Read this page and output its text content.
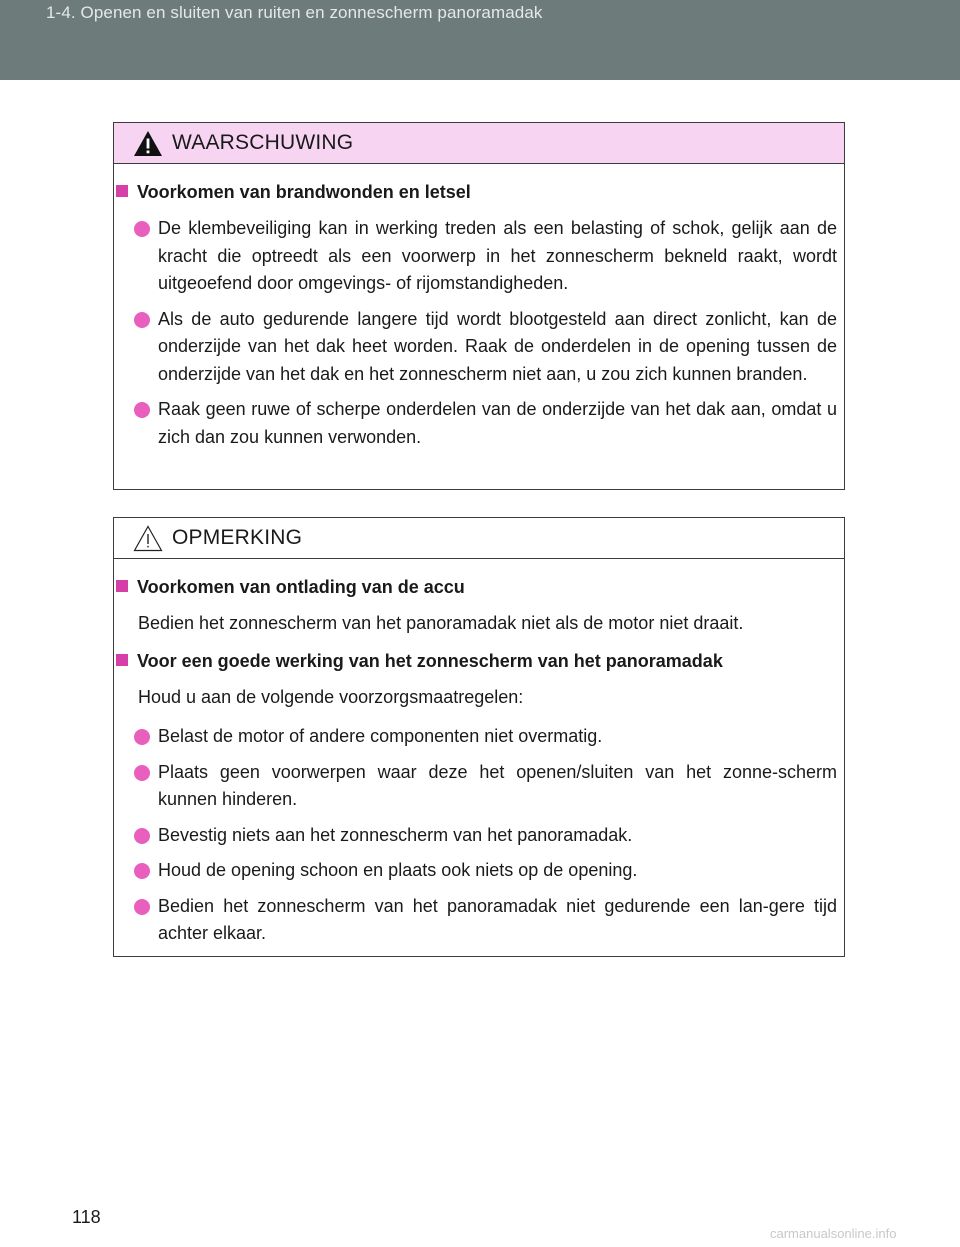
1-4. Openen en sluiten van ruiten en zonnescherm panoramadak
WAARSCHUWING
Voorkomen van brandwonden en letsel
De klembeveiliging kan in werking treden als een belasting of schok, gelijk aan de kracht die optreedt als een voorwerp in het zonnescherm bekneld raakt, wordt uitgeoefend door omgevings- of rijomstandigheden.
Als de auto gedurende langere tijd wordt blootgesteld aan direct zonlicht, kan de onderzijde van het dak heet worden. Raak de onderdelen in de opening tussen de onderzijde van het dak en het zonnescherm niet aan, u zou zich kunnen branden.
Raak geen ruwe of scherpe onderdelen van de onderzijde van het dak aan, omdat u zich dan zou kunnen verwonden.
OPMERKING
Voorkomen van ontlading van de accu
Bedien het zonnescherm van het panoramadak niet als de motor niet draait.
Voor een goede werking van het zonnescherm van het panoramadak
Houd u aan de volgende voorzorgsmaatregelen:
Belast de motor of andere componenten niet overmatig.
Plaats geen voorwerpen waar deze het openen/sluiten van het zonne-scherm kunnen hinderen.
Bevestig niets aan het zonnescherm van het panoramadak.
Houd de opening schoon en plaats ook niets op de opening.
Bedien het zonnescherm van het panoramadak niet gedurende een lan-gere tijd achter elkaar.
118
carmanualsonline.info
